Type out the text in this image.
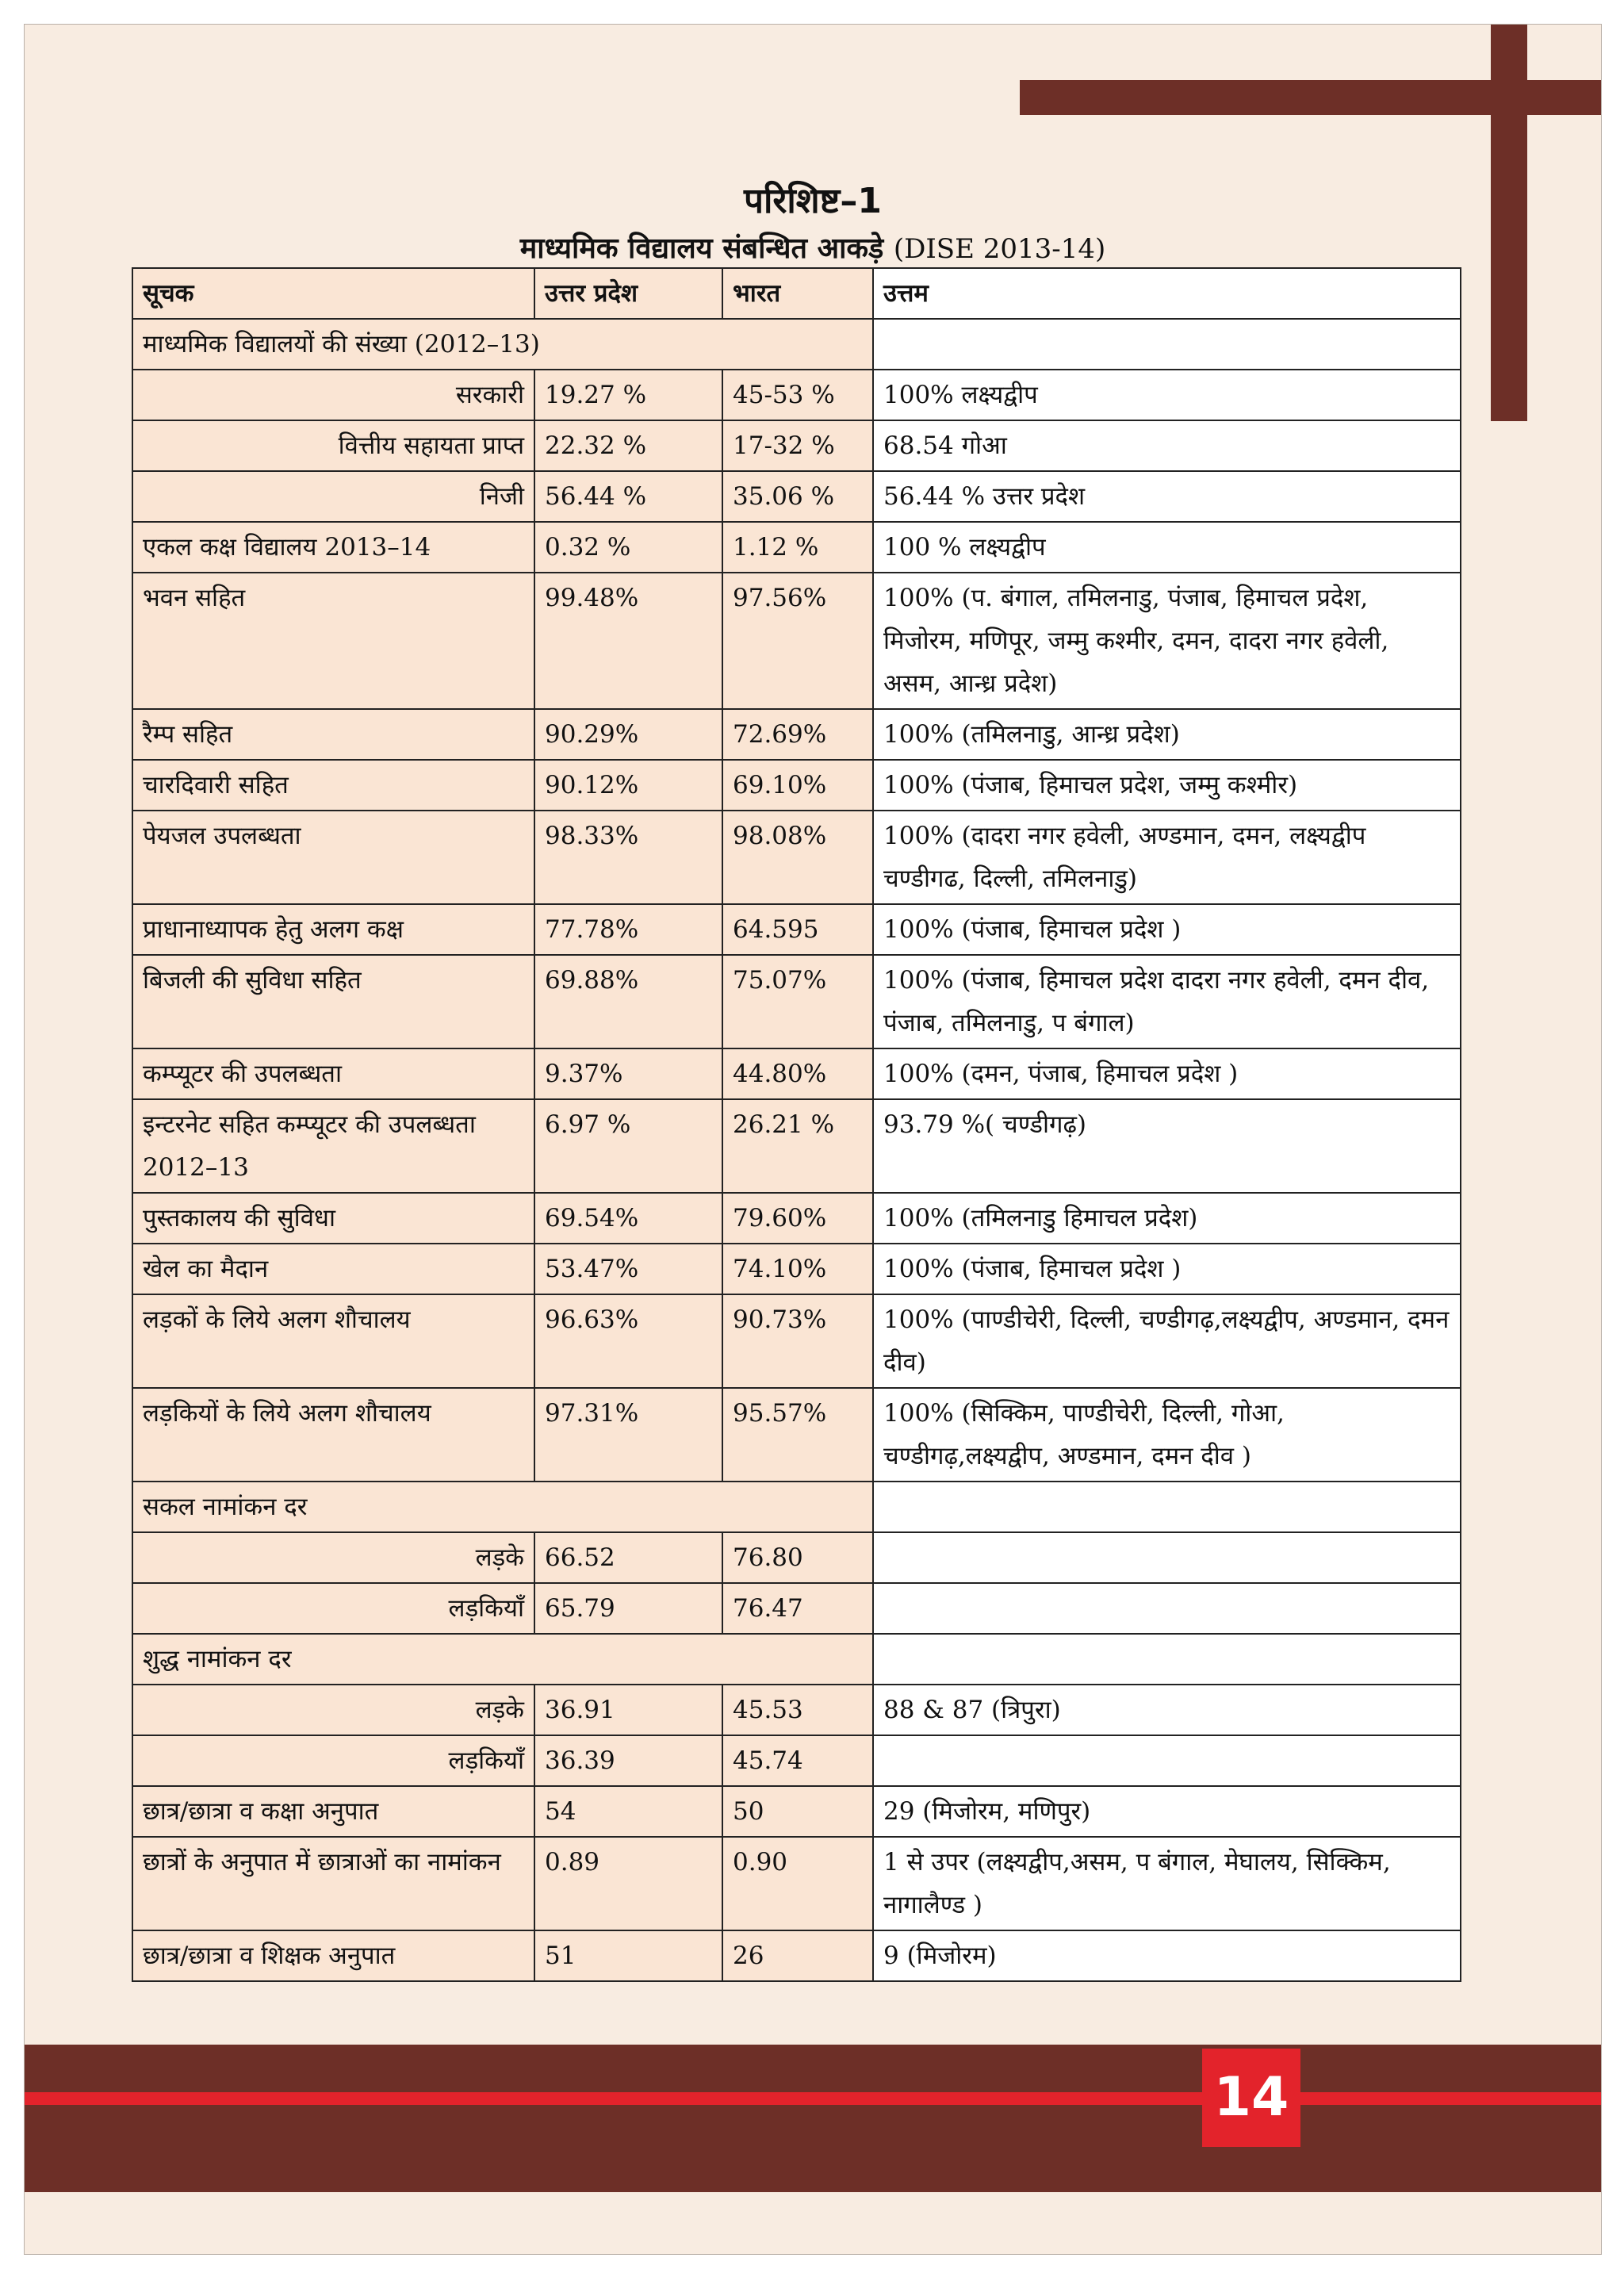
परिशिष्ट–1
माध्यमिक विद्यालय संबन्धित आकड़े (DISE 2013-14)
सूचक	उत्तर प्रदेश	भारत	उत्तम
माध्यमिक विद्यालयों की संख्या (2012–13)			
सरकारी	19.27 %	45-53 %	100% लक्ष्यद्वीप
वित्तीय सहायता प्राप्त	22.32 %	17-32 %	68.54 गोआ
निजी	56.44 %	35.06 %	56.44 % उत्तर प्रदेश
एकल कक्ष विद्यालय 2013–14	0.32 %	1.12 %	100 % लक्ष्यद्वीप
भवन सहित	99.48%	97.56%	100% (प. बंगाल, तमिलनाडु, पंजाब, हिमाचल प्रदेश, मिजोरम, मणिपूर, जम्मु कश्मीर, दमन, दादरा नगर हवेली, असम, आन्ध्र प्रदेश)
रैम्प सहित	90.29%	72.69%	100% (तमिलनाडु, आन्ध्र प्रदेश)
चारदिवारी सहित	90.12%	69.10%	100% (पंजाब, हिमाचल प्रदेश, जम्मु कश्मीर)
पेयजल उपलब्धता	98.33%	98.08%	100% (दादरा नगर हवेली, अण्डमान, दमन, लक्ष्यद्वीप चण्डीगढ, दिल्ली, तमिलनाडु)
प्राधानाध्यापक हेतु अलग कक्ष	77.78%	64.595	100% (पंजाब, हिमाचल प्रदेश )
बिजली की सुविधा सहित	69.88%	75.07%	100% (पंजाब, हिमाचल प्रदेश दादरा नगर हवेली, दमन दीव, पंजाब, तमिलनाडु, प बंगाल)
कम्प्यूटर की उपलब्धता	9.37%	44.80%	100% (दमन, पंजाब, हिमाचल प्रदेश )
इन्टरनेट सहित कम्प्यूटर की उपलब्धता 2012–13	6.97 %	26.21 %	93.79 %( चण्डीगढ़)
पुस्तकालय की सुविधा	69.54%	79.60%	100% (तमिलनाडु हिमाचल प्रदेश)
खेल का मैदान	53.47%	74.10%	100% (पंजाब, हिमाचल प्रदेश )
लड़कों के लिये अलग शौचालय	96.63%	90.73%	100% (पाण्डीचेरी, दिल्ली, चण्डीगढ़,लक्ष्यद्वीप, अण्डमान, दमन दीव)
लड़कियों के लिये अलग शौचालय	97.31%	95.57%	100% (सिक्किम, पाण्डीचेरी, दिल्ली, गोआ, चण्डीगढ़,लक्ष्यद्वीप, अण्डमान, दमन दीव )
सकल नामांकन दर			
लड़के	66.52	76.80	
लड़कियाँ	65.79	76.47	
शुद्ध नामांकन दर			
लड़के	36.91	45.53	88 & 87 (त्रिपुरा)
लड़कियाँ	36.39	45.74	
छात्र/छात्रा व कक्षा अनुपात	54	50	29 (मिजोरम, मणिपुर)
छात्रों के अनुपात में छात्राओं का नामांकन	0.89	0.90	1 से उपर (लक्ष्यद्वीप,असम, प बंगाल, मेघालय, सिक्किम, नागालैण्ड )
छात्र/छात्रा व शिक्षक अनुपात	51	26	9 (मिजोरम)
14
